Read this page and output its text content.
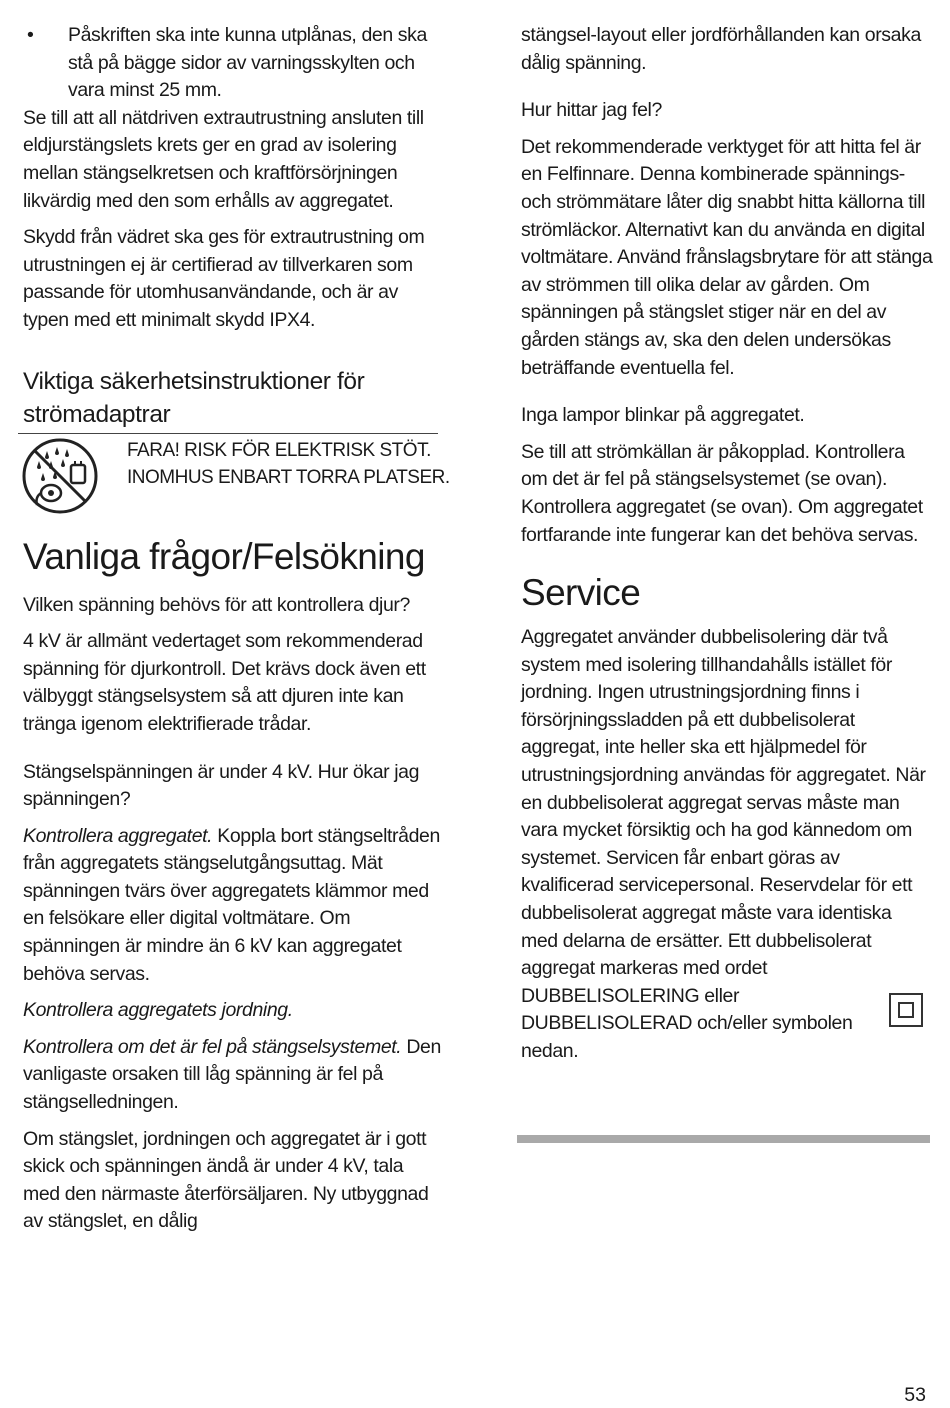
• Påskriften ska inte kunna utplånas, den ska stå på bägge sidor av varningsskylten och vara minst 25 mm.

Se till att all nätdriven extrautrustning ansluten till eldjurstängslets krets ger en grad av isolering mellan stängselkretsen och kraftförsörjningen likvärdig med den som erhålls av aggregatet.

Skydd från vädret ska ges för extrautrustning om utrustningen ej är certifierad av tillverkaren som passande för utomhusanvändande, och är av typen med ett minimalt skydd IPX4.

Viktiga säkerhetsinstruktioner för strömadaptrar
FARA! RISK FÖR ELEKTRISK STÖT.
INOMHUS ENBART TORRA PLATSER.
Vanliga frågor/Felsökning

Vilken spänning behövs för att kontrollera djur?

4 kV är allmänt vedertaget som rekommenderad spänning för djurkontroll. Det krävs dock även ett välbyggt stängselsystem så att djuren inte kan tränga igenom elektrifierade trådar.

Stängselspänningen är under 4 kV. Hur ökar jag spänningen?

Kontrollera aggregatet. Koppla bort stängseltråden från aggregatets stängselutgångsuttag. Mät spänningen tvärs över aggregatets klämmor med en felsökare eller digital voltmätare. Om spänningen är mindre än 6 kV kan aggregatet behöva servas.

Kontrollera aggregatets jordning.

Kontrollera om det är fel på stängselsystemet. Den vanligaste orsaken till låg spänning är fel på stängselledningen.

Om stängslet, jordningen och aggregatet är i gott skick och spänningen ändå är under 4 kV, tala med den närmaste återförsäljaren. Ny utbyggnad av stängslet, en dålig

stängsel-layout eller jordförhållanden kan orsaka dålig spänning.

Hur hittar jag fel?

Det rekommenderade verktyget för att hitta fel är en Felfinnare. Denna kombinerade spännings- och strömmätare låter dig snabbt hitta källorna till strömläckor. Alternativt kan du använda en digital voltmätare. Använd frånslagsbrytare för att stänga av strömmen till olika delar av gården. Om spänningen på stängslet stiger när en del av gården stängs av, ska den delen undersökas beträffande eventuella fel.

Inga lampor blinkar på aggregatet.

Se till att strömkällan är påkopplad. Kontrollera om det är fel på stängselsystemet (se ovan). Kontrollera aggregatet (se ovan). Om aggregatet fortfarande inte fungerar kan det behöva servas.

Service

Aggregatet använder dubbelisolering där två system med isolering tillhandahålls istället för jordning. Ingen utrustningsjordning finns i försörjningssladden på ett dubbelisolerat aggregat, inte heller ska ett hjälpmedel för utrustningsjordning användas för aggregatet. När en dubbelisolerat aggregat servas måste man vara mycket försiktig och ha god kännedom om systemet. Servicen får enbart göras av kvalificerad servicepersonal. Reservdelar för ett dubbelisolerat aggregat måste vara identiska med delarna de ersätter. Ett dubbelisolerat aggregat markeras med ordet

DUBBELISOLERING eller DUBBELISOLERAD och/eller symbolen nedan.

53
